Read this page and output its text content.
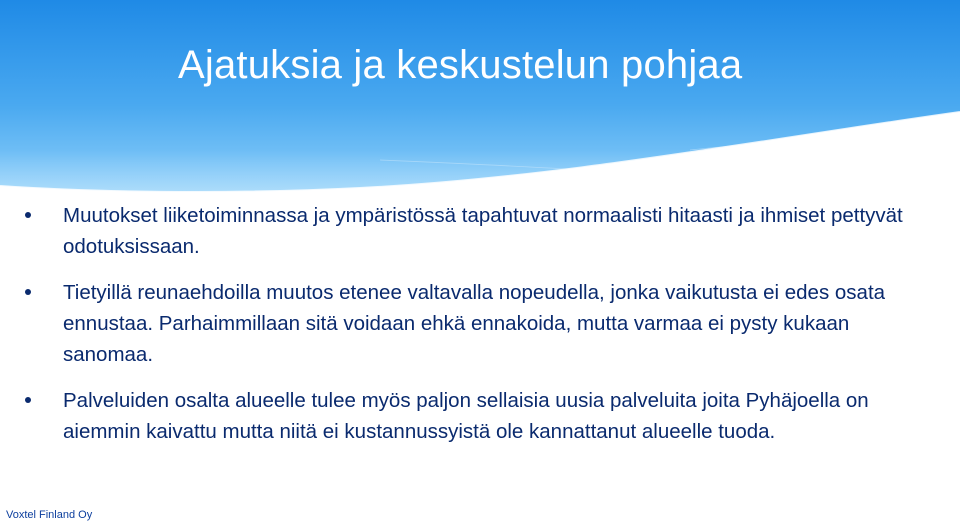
Ajatuksia ja keskustelun pohjaa
Muutokset liiketoiminnassa ja ympäristössä tapahtuvat normaalisti hitaasti ja ihmiset pettyvät odotuksissaan.
Tietyillä reunaehdoilla muutos etenee valtavalla nopeudella, jonka vaikutusta ei edes osata ennustaa. Parhaimmillaan sitä voidaan ehkä ennakoida, mutta varmaa ei pysty kukaan sanomaa.
Palveluiden osalta alueelle tulee myös paljon sellaisia uusia palveluita joita Pyhäjoella on aiemmin kaivattu mutta niitä ei kustannussyistä ole kannattanut alueelle tuoda.
Voxtel Finland Oy
